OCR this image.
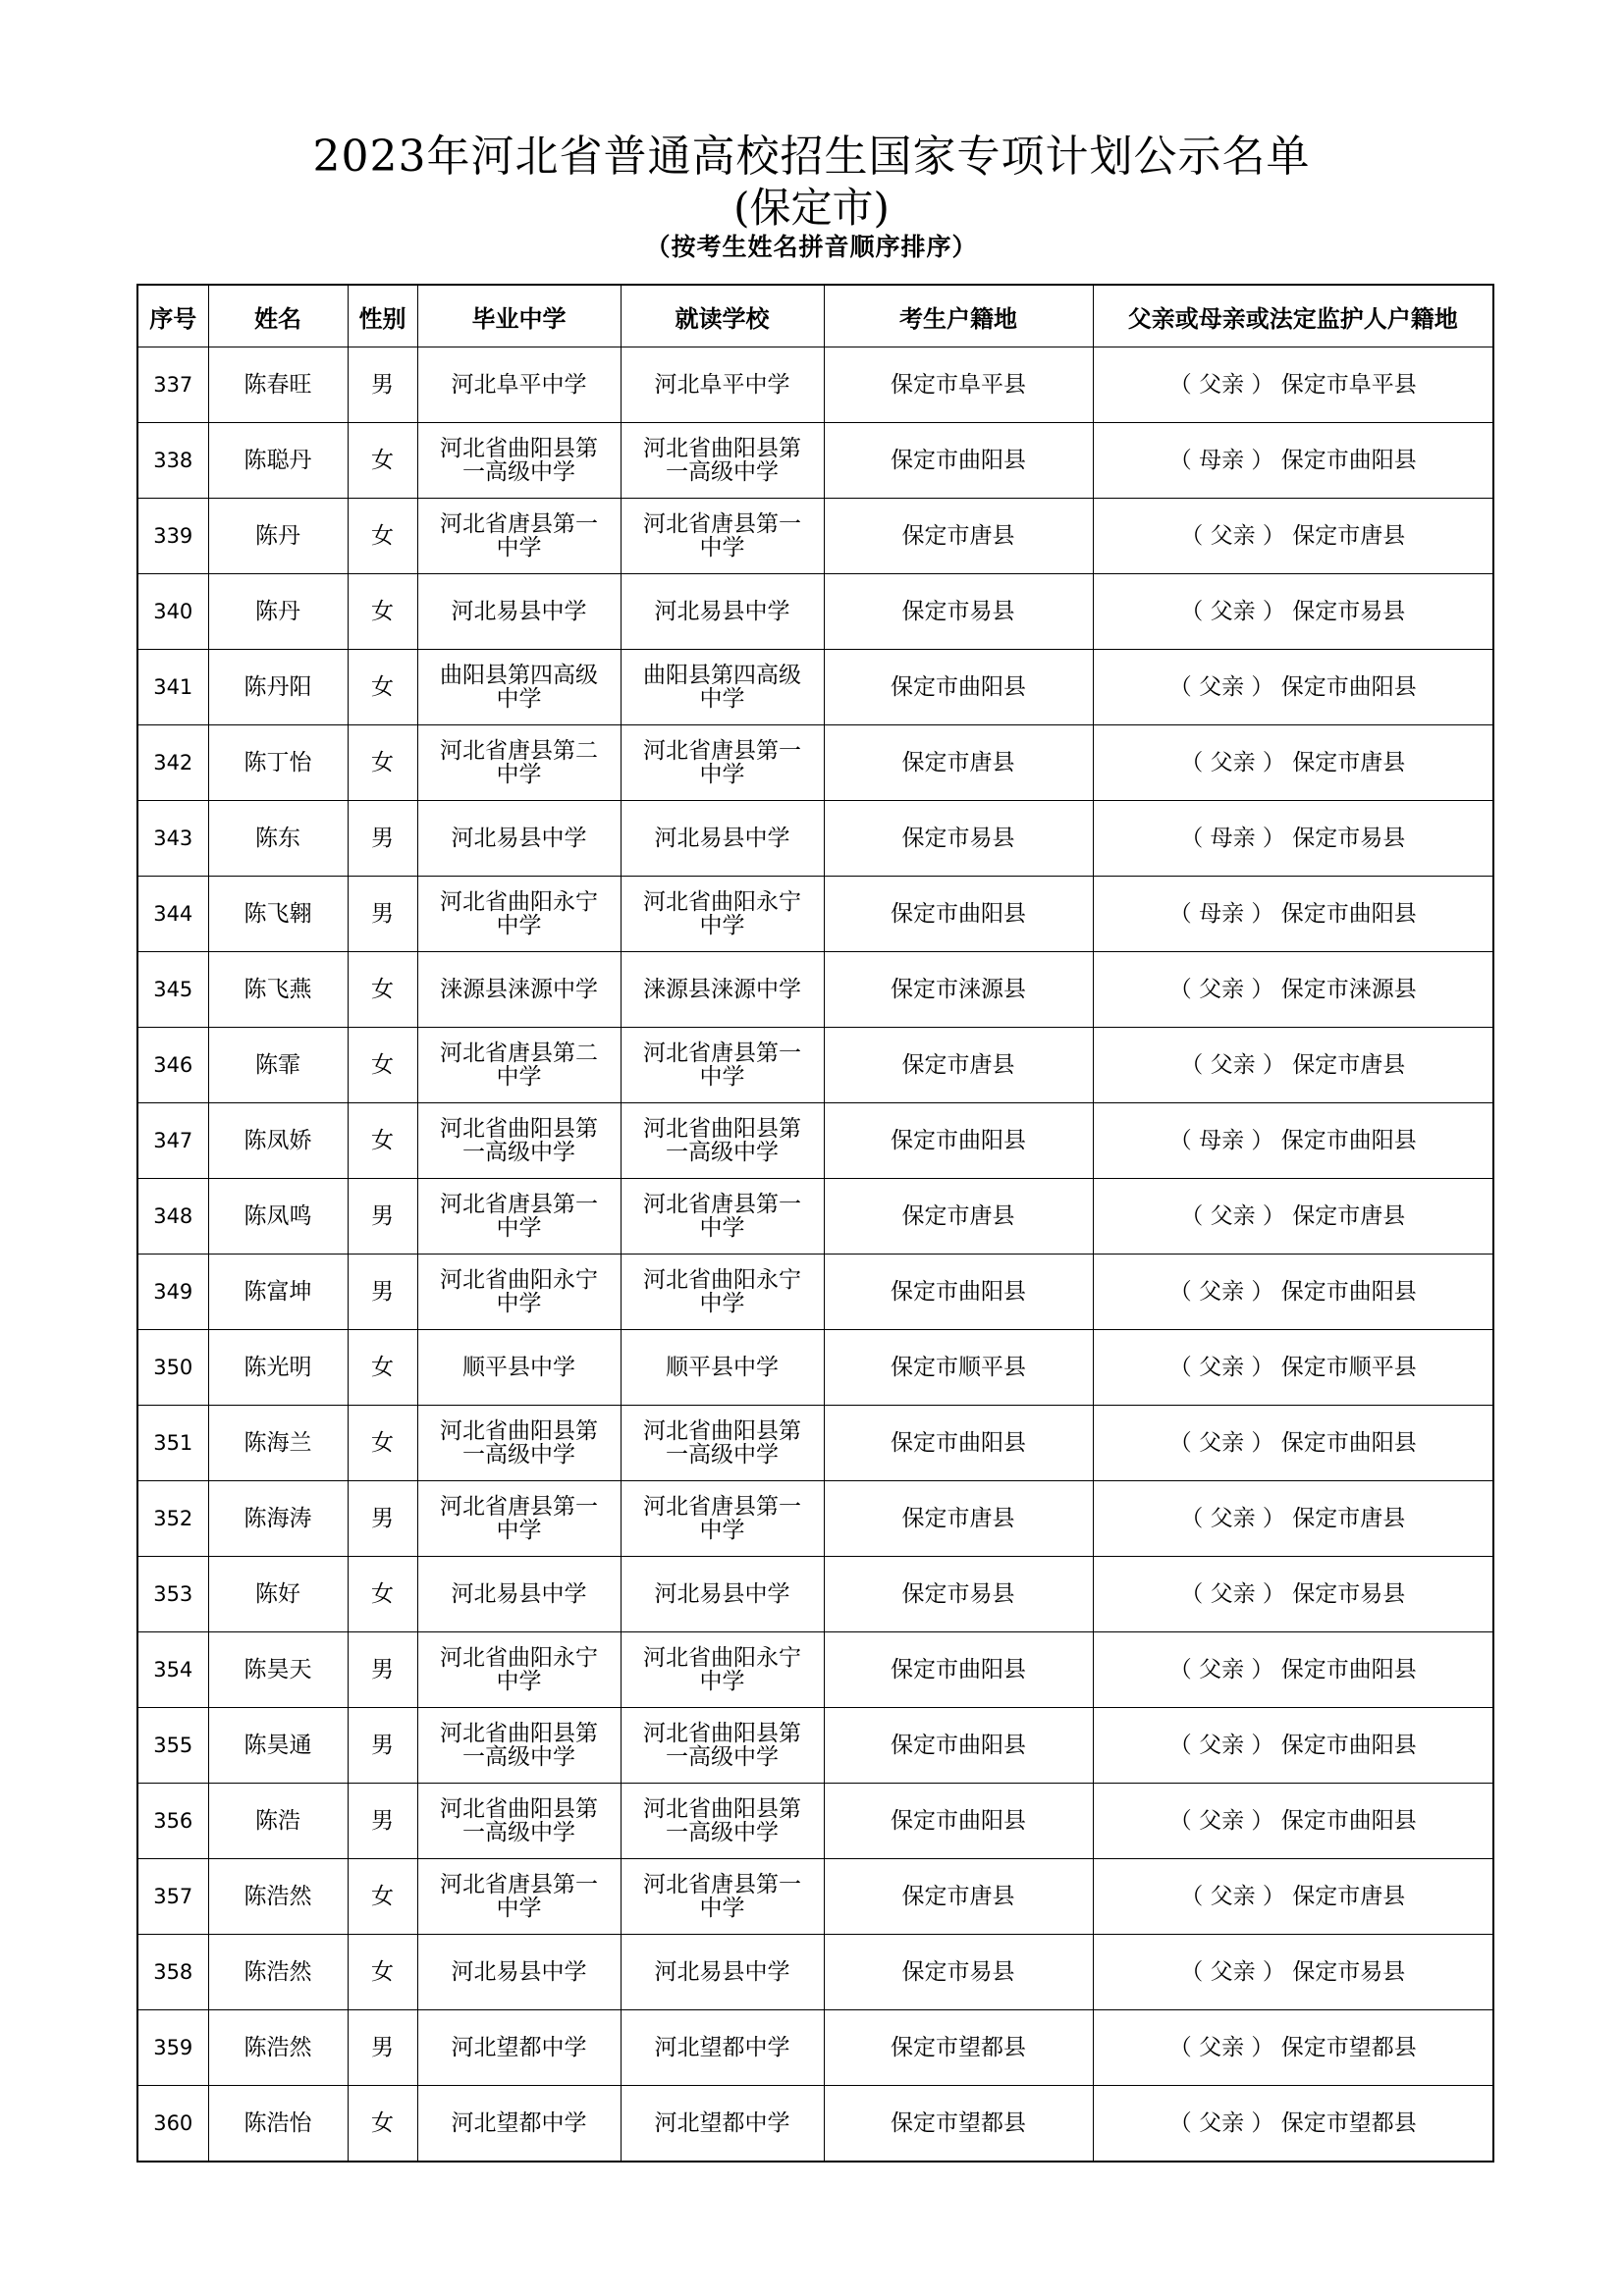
2023年河北省普通高校招生国家专项计划公示名单
(保定市)
（按考生姓名拼音顺序排序）
序号	姓名	性别	毕业中学	就读学校	考生户籍地	父亲或母亲或法定监护人户籍地
337	陈春旺	男	河北阜平中学	河北阜平中学	保定市阜平县	（ 父亲 ） 保定市阜平县
338	陈聪丹	女	河北省曲阳县第一高级中学	河北省曲阳县第一高级中学	保定市曲阳县	（ 母亲 ） 保定市曲阳县
339	陈丹	女	河北省唐县第一中学	河北省唐县第一中学	保定市唐县	（ 父亲 ） 保定市唐县
340	陈丹	女	河北易县中学	河北易县中学	保定市易县	（ 父亲 ） 保定市易县
341	陈丹阳	女	曲阳县第四高级中学	曲阳县第四高级中学	保定市曲阳县	（ 父亲 ） 保定市曲阳县
342	陈丁怡	女	河北省唐县第二中学	河北省唐县第一中学	保定市唐县	（ 父亲 ） 保定市唐县
343	陈东	男	河北易县中学	河北易县中学	保定市易县	（ 母亲 ） 保定市易县
344	陈飞翱	男	河北省曲阳永宁中学	河北省曲阳永宁中学	保定市曲阳县	（ 母亲 ） 保定市曲阳县
345	陈飞燕	女	涞源县涞源中学	涞源县涞源中学	保定市涞源县	（ 父亲 ） 保定市涞源县
346	陈霏	女	河北省唐县第二中学	河北省唐县第一中学	保定市唐县	（ 父亲 ） 保定市唐县
347	陈凤娇	女	河北省曲阳县第一高级中学	河北省曲阳县第一高级中学	保定市曲阳县	（ 母亲 ） 保定市曲阳县
348	陈凤鸣	男	河北省唐县第一中学	河北省唐县第一中学	保定市唐县	（ 父亲 ） 保定市唐县
349	陈富坤	男	河北省曲阳永宁中学	河北省曲阳永宁中学	保定市曲阳县	（ 父亲 ） 保定市曲阳县
350	陈光明	女	顺平县中学	顺平县中学	保定市顺平县	（ 父亲 ） 保定市顺平县
351	陈海兰	女	河北省曲阳县第一高级中学	河北省曲阳县第一高级中学	保定市曲阳县	（ 父亲 ） 保定市曲阳县
352	陈海涛	男	河北省唐县第一中学	河北省唐县第一中学	保定市唐县	（ 父亲 ） 保定市唐县
353	陈好	女	河北易县中学	河北易县中学	保定市易县	（ 父亲 ） 保定市易县
354	陈昊天	男	河北省曲阳永宁中学	河北省曲阳永宁中学	保定市曲阳县	（ 父亲 ） 保定市曲阳县
355	陈昊通	男	河北省曲阳县第一高级中学	河北省曲阳县第一高级中学	保定市曲阳县	（ 父亲 ） 保定市曲阳县
356	陈浩	男	河北省曲阳县第一高级中学	河北省曲阳县第一高级中学	保定市曲阳县	（ 父亲 ） 保定市曲阳县
357	陈浩然	女	河北省唐县第一中学	河北省唐县第一中学	保定市唐县	（ 父亲 ） 保定市唐县
358	陈浩然	女	河北易县中学	河北易县中学	保定市易县	（ 父亲 ） 保定市易县
359	陈浩然	男	河北望都中学	河北望都中学	保定市望都县	（ 父亲 ） 保定市望都县
360	陈浩怡	女	河北望都中学	河北望都中学	保定市望都县	（ 父亲 ） 保定市望都县
